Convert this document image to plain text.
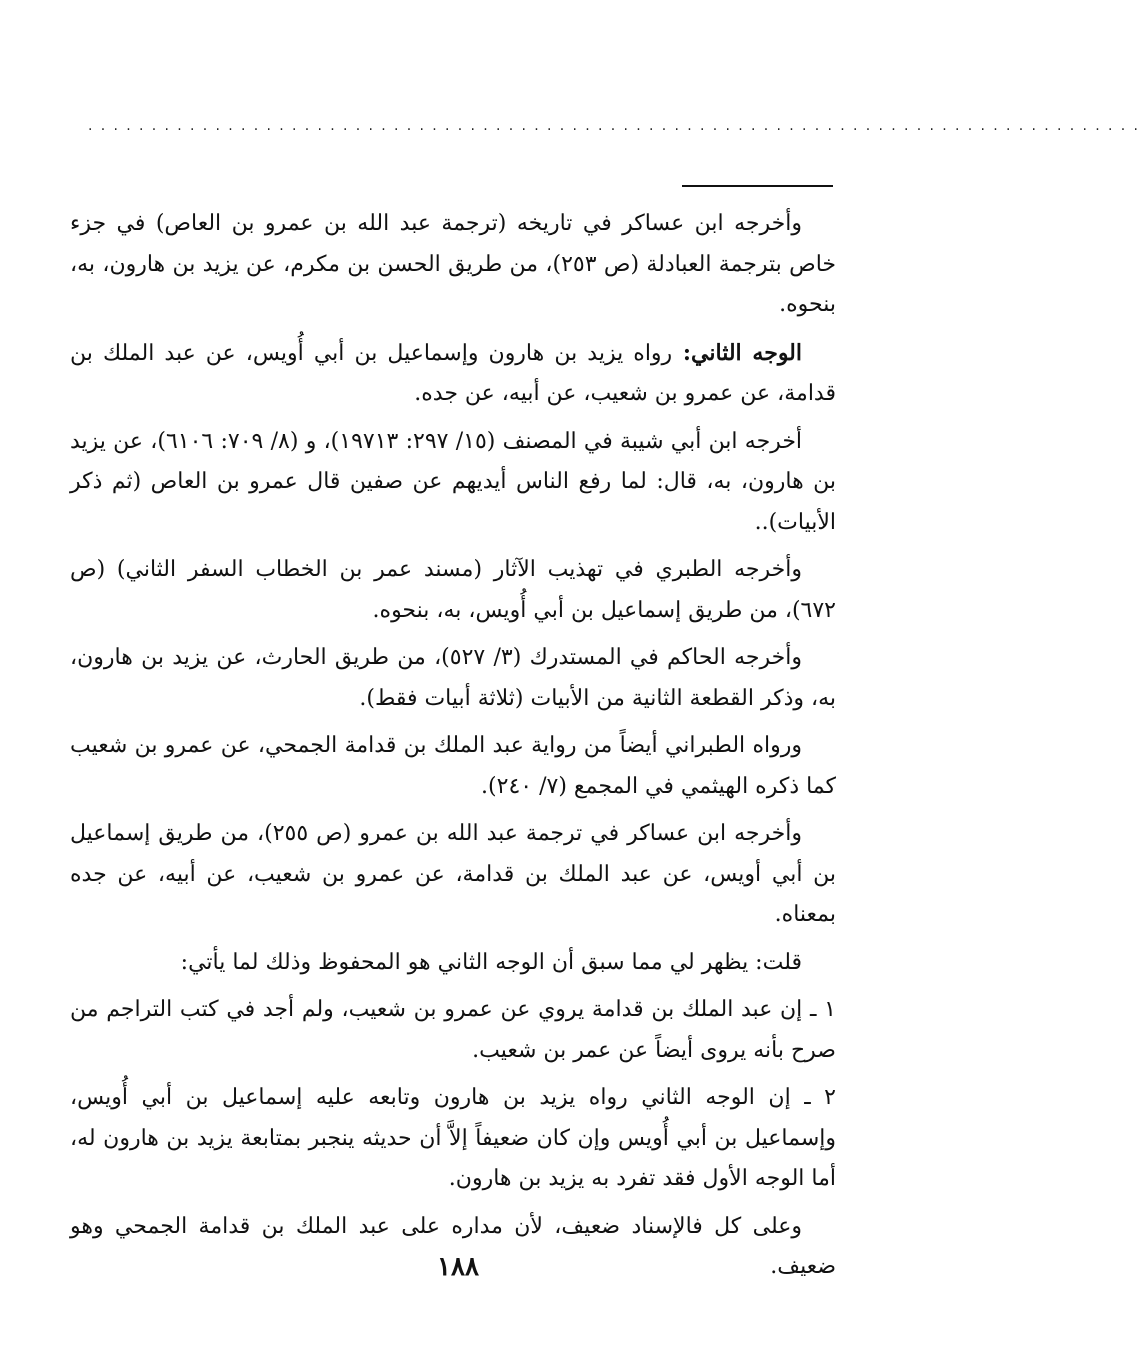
...................................................................................

وأخرجه ابن عساكر في تاريخه (ترجمة عبد الله بن عمرو بن العاص) في جزء خاص بترجمة العبادلة (ص ٢٥٣)، من طريق الحسن بن مكرم، عن يزيد بن هارون، به، بنحوه.

الوجه الثاني: رواه يزيد بن هارون وإسماعيل بن أبي أُويس، عن عبد الملك بن قدامة، عن عمرو بن شعيب، عن أبيه، عن جده.

أخرجه ابن أبي شيبة في المصنف (١٥/ ٢٩٧: ١٩٧١٣)، و (٨/ ٧٠٩: ٦١٠٦)، عن يزيد بن هارون، به، قال: لما رفع الناس أيديهم عن صفين قال عمرو بن العاص (ثم ذكر الأبيات)..

وأخرجه الطبري في تهذيب الآثار (مسند عمر بن الخطاب السفر الثاني) (ص ٦٧٢)، من طريق إسماعيل بن أبي أُويس، به، بنحوه.

وأخرجه الحاكم في المستدرك (٣/ ٥٢٧)، من طريق الحارث، عن يزيد بن هارون، به، وذكر القطعة الثانية من الأبيات (ثلاثة أبيات فقط).

ورواه الطبراني أيضاً من رواية عبد الملك بن قدامة الجمحي، عن عمرو بن شعيب كما ذكره الهيثمي في المجمع (٧/ ٢٤٠).

وأخرجه ابن عساكر في ترجمة عبد الله بن عمرو (ص ٢٥٥)، من طريق إسماعيل بن أبي أويس، عن عبد الملك بن قدامة، عن عمرو بن شعيب، عن أبيه، عن جده بمعناه.

قلت: يظهر لي مما سبق أن الوجه الثاني هو المحفوظ وذلك لما يأتي:

١ ـ إن عبد الملك بن قدامة يروي عن عمرو بن شعيب، ولم أجد في كتب التراجم من صرح بأنه يروى أيضاً عن عمر بن شعيب.

٢ ـ إن الوجه الثاني رواه يزيد بن هارون وتابعه عليه إسماعيل بن أبي أُويس، وإسماعيل بن أبي أُويس وإن كان ضعيفاً إلاَّ أن حديثه ينجبر بمتابعة يزيد بن هارون له، أما الوجه الأول فقد تفرد به يزيد بن هارون.

وعلى كل فالإسناد ضعيف، لأن مداره على عبد الملك بن قدامة الجمحي وهو ضعيف.

١٨٨
